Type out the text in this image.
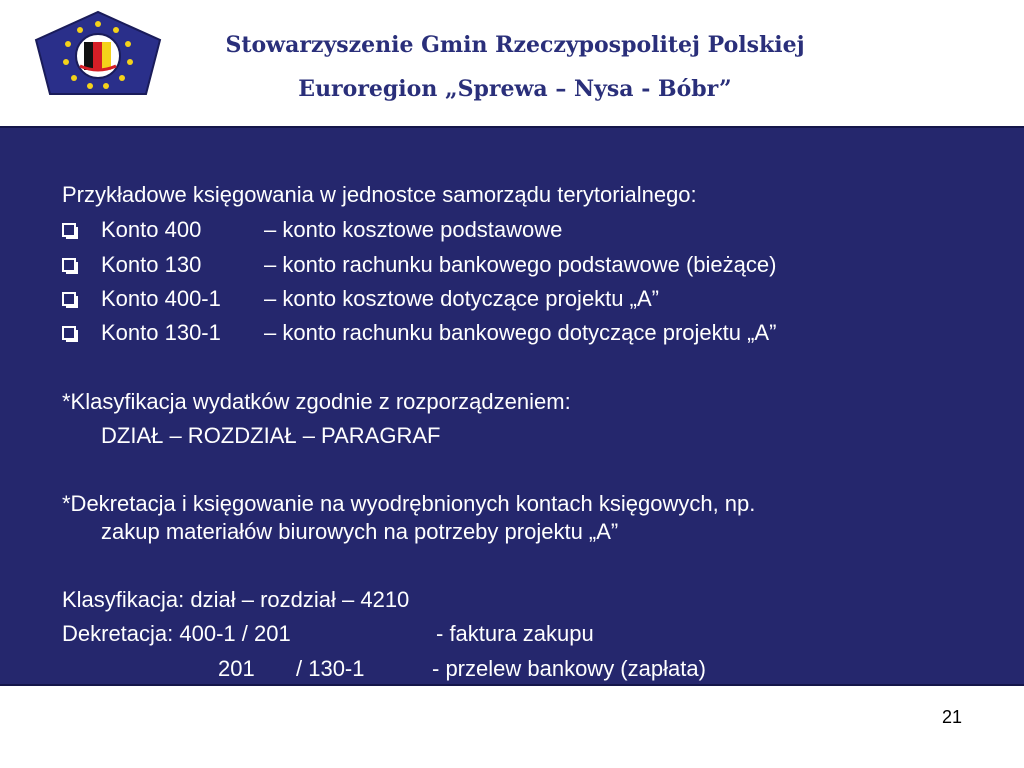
Stowarzyszenie Gmin Rzeczypospolitej Polskiej
Euroregion „Sprewa – Nysa - Bóbr”
Przykładowe księgowania w jednostce samorządu terytorialnego:
Konto 400	– konto kosztowe podstawowe
Konto 130	– konto rachunku bankowego podstawowe (bieżące)
Konto 400-1 – konto kosztowe dotyczące projektu „A”
Konto 130-1 – konto rachunku bankowego dotyczące projektu „A”
*Klasyfikacja wydatków zgodnie z rozporządzeniem:
DZIAŁ – ROZDZIAŁ – PARAGRAF
*Dekretacja i księgowanie na wyodrębnionych kontach księgowych, np.
zakup materiałów biurowych na potrzeby projektu „A”
Klasyfikacja: dział – rozdział – 4210
Dekretacja: 400-1 / 201	- faktura zakupu
201 / 130-1	- przelew bankowy (zapłata)
21
